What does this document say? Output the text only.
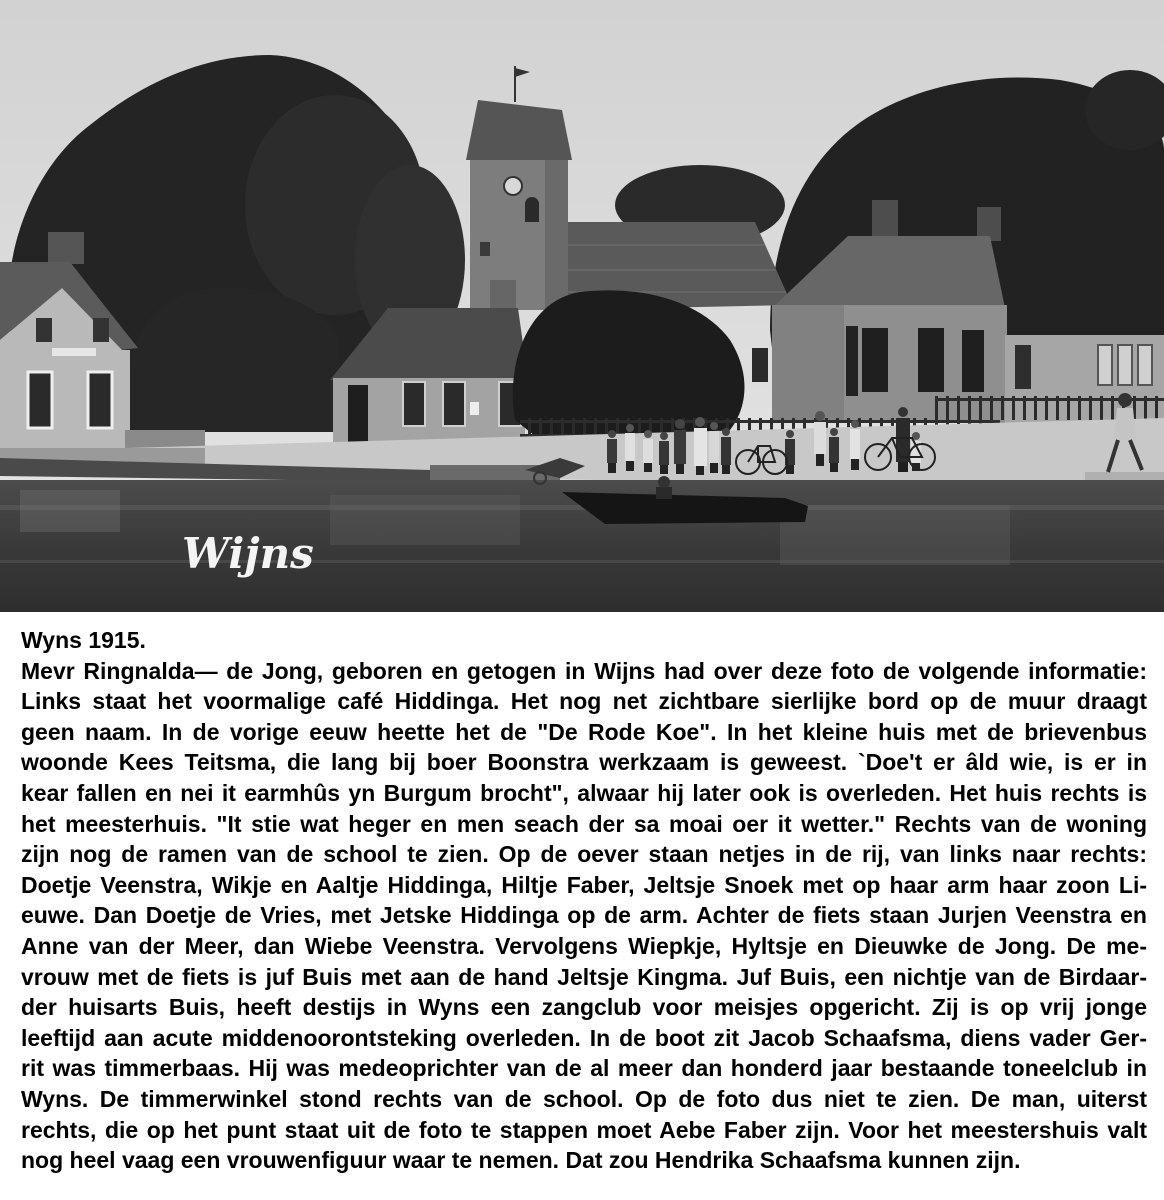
Wijns
Wyns 1915.
Mevr Ringnalda— de Jong, geboren en getogen in Wijns had over deze foto de volgende informatie:
Links staat het voormalige café Hiddinga. Het nog net zichtbare sierlijke bord op de muur draagt
geen naam. In de vorige eeuw heette het de "De Rode Koe". In het kleine huis met de brievenbus
woonde Kees Teitsma, die lang bij boer Boonstra werkzaam is geweest. `Doe't er âld wie, is er in
kear fallen en nei it earmhûs yn Burgum brocht", alwaar hij later ook is overleden. Het huis rechts is
het meesterhuis. "It stie wat heger en men seach der sa moai oer it wetter." Rechts van de woning
zijn nog de ramen van de school te zien. Op de oever staan netjes in de rij, van links naar rechts:
Doetje Veenstra, Wikje en Aaltje Hiddinga, Hiltje Faber, Jeltsje Snoek met op haar arm haar zoon Li-
euwe. Dan Doetje de Vries, met Jetske Hiddinga op de arm. Achter de fiets staan Jurjen Veenstra en
Anne van der Meer, dan Wiebe Veenstra. Vervolgens Wiepkje, Hyltsje en Dieuwke de Jong. De me-
vrouw met de fiets is juf Buis met aan de hand Jeltsje Kingma. Juf Buis, een nichtje van de Birdaar-
der huisarts Buis, heeft destijs in Wyns een zangclub voor meisjes opgericht. Zij is op vrij jonge
leeftijd aan acute middenoorontsteking overleden. In de boot zit Jacob Schaafsma, diens vader Ger-
rit was timmerbaas. Hij was medeoprichter van de al meer dan honderd jaar bestaande toneelclub in
Wyns. De timmerwinkel stond rechts van de school. Op de foto dus niet te zien. De man, uiterst
rechts, die op het punt staat uit de foto te stappen moet Aebe Faber zijn. Voor het meestershuis valt
nog heel vaag een vrouwenfiguur waar te nemen. Dat zou Hendrika Schaafsma kunnen zijn.
